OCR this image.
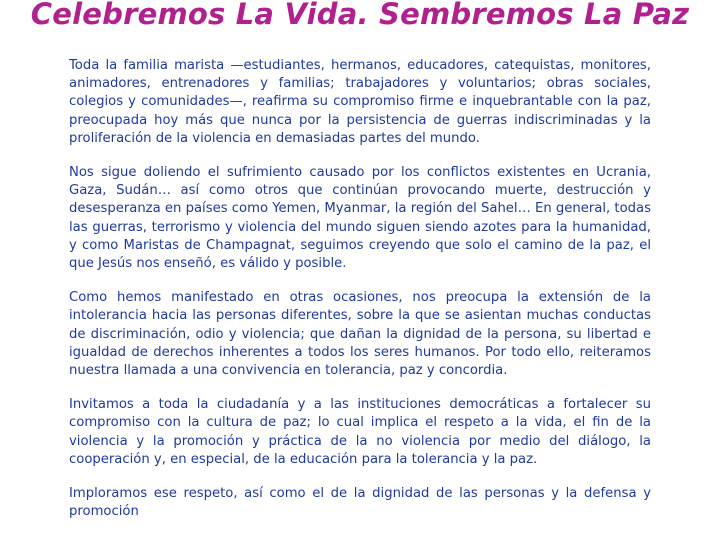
Celebremos La Vida. Sembremos La Paz

Toda la familia marista —estudiantes, hermanos, educadores, catequistas, monitores, animadores, entrenadores y familias; trabajadores y voluntarios; obras sociales, colegios y comunidades—, reafirma su compromiso firme e inquebrantable con la paz, preocupada hoy más que nunca por la persistencia de guerras indiscriminadas y la proliferación de la violencia en demasiadas partes del mundo.

Nos sigue doliendo el sufrimiento causado por los conflictos existentes en Ucrania, Gaza, Sudán… así como otros que continúan provocando muerte, destrucción y desesperanza en países como Yemen, Myanmar, la región del Sahel… En general, todas las guerras, terrorismo y violencia del mundo siguen siendo azotes para la humanidad, y como Maristas de Champagnat, seguimos creyendo que solo el camino de la paz, el que Jesús nos enseñó, es válido y posible.

Como hemos manifestado en otras ocasiones, nos preocupa la extensión de la intolerancia hacia las personas diferentes, sobre la que se asientan muchas conductas de discriminación, odio y violencia; que dañan la dignidad de la persona, su libertad e igualdad de derechos inherentes a todos los seres humanos. Por todo ello, reiteramos nuestra llamada a una convivencia en tolerancia, paz y concordia.

Invitamos a toda la ciudadanía y a las instituciones democráticas a fortalecer su compromiso con la cultura de paz; lo cual implica el respeto a la vida, el fin de la violencia y la promoción y práctica de la no violencia por medio del diálogo, la cooperación y, en especial, de la educación para la tolerancia y la paz.

Imploramos ese respeto, así como el de la dignidad de las personas y la defensa y promoción
